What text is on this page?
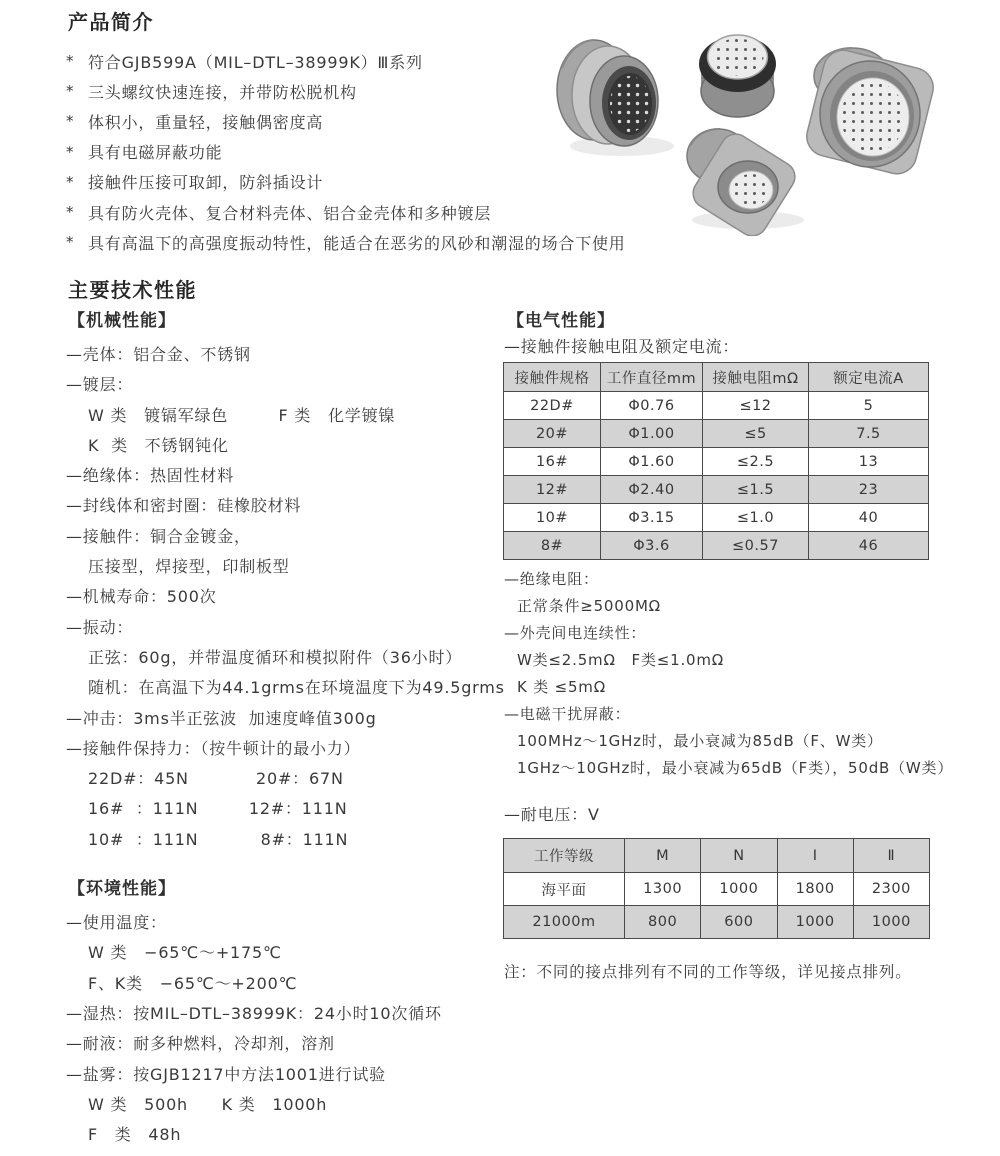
产品简介
* 符合GJB599A（MIL–DTL–38999K）Ⅲ系列
* 三头螺纹快速连接，并带防松脱机构
* 体积小，重量轻，接触偶密度高
* 具有电磁屏蔽功能
* 接触件压接可取卸，防斜插设计
* 具有防火壳体、复合材料壳体、铝合金壳体和多种镀层
* 具有高温下的高强度振动特性，能适合在恶劣的风砂和潮湿的场合下使用
主要技术性能
【机械性能】
—壳体：铝合金、不锈钢
—镀层：
W 类　镀镉军绿色　　　F 类　化学镀镍
K  类　不锈钢钝化
—绝缘体：热固性材料
—封线体和密封圈：硅橡胶材料
—接触件：铜合金镀金，
压接型，焊接型，印制板型
—机械寿命：500次
—振动：
正弦：60g，并带温度循环和模拟附件（36小时）
随机：在高温下为44.1grms在环境温度下为49.5grms
—冲击：3ms半正弦波  加速度峰值300g
—接触件保持力：（按牛顿计的最小力）
22D#：45N　　　　20#：67N
16#  ：111N　　　12#：111N
10#  ：111N　　　  8#：111N
【环境性能】
—使用温度：
W 类　−65℃～+175℃
F、K类　−65℃～+200℃
—湿热：按MIL–DTL–38999K：24小时10次循环
—耐液：耐多种燃料，冷却剂，溶剂
—盐雾：按GJB1217中方法1001进行试验
W 类　500h　　K 类　1000h
F　类　48h
【电气性能】
—接触件接触电阻及额定电流：
接触件规格	工作直径mm	接触电阻mΩ	额定电流A
22D#	Φ0.76	≤12	5
20#	Φ1.00	≤5	7.5
16#	Φ1.60	≤2.5	13
12#	Φ2.40	≤1.5	23
10#	Φ3.15	≤1.0	40
8#	Φ3.6	≤0.57	46
—绝缘电阻：
正常条件≥5000MΩ
—外壳间电连续性：
W类≤2.5mΩ　F类≤1.0mΩ
K 类 ≤5mΩ
—电磁干扰屏蔽：
100MHz～1GHz时，最小衰减为85dB（F、W类）
1GHz～10GHz时，最小衰减为65dB（F类），50dB（W类）
—耐电压：V
工作等级	M	N	I	Ⅱ
海平面	1300	1000	1800	2300
21000m	800	600	1000	1000
注：不同的接点排列有不同的工作等级，详见接点排列。
